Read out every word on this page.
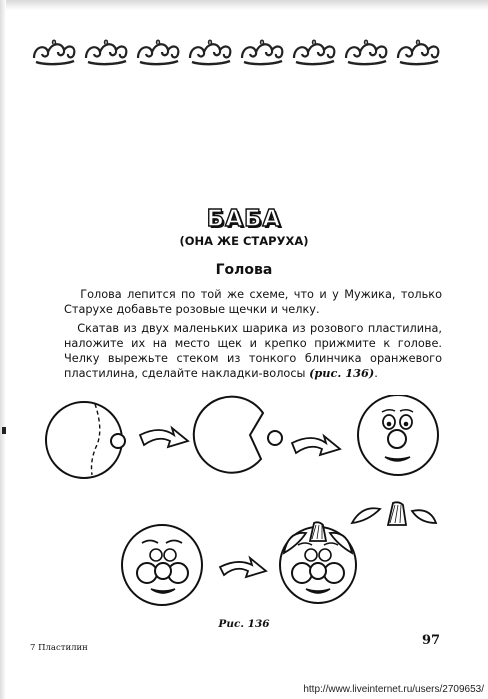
БАБА
(ОНА ЖЕ СТАРУХА)
Голова

Голова лепится по той же схеме, что и у Мужика, только Старухе добавьте розовые щечки и челку.

Скатав из двух маленьких шарика из розового пластилина, наложите их на место щек и крепко прижмите к голове. Челку вырежьте стеком из тонкого блинчика оранжевого пластилина, сделайте накладки-волосы (рис. 136).

Рис. 136
7 Пластилин	97
http://www.liveinternet.ru/users/2709653/
